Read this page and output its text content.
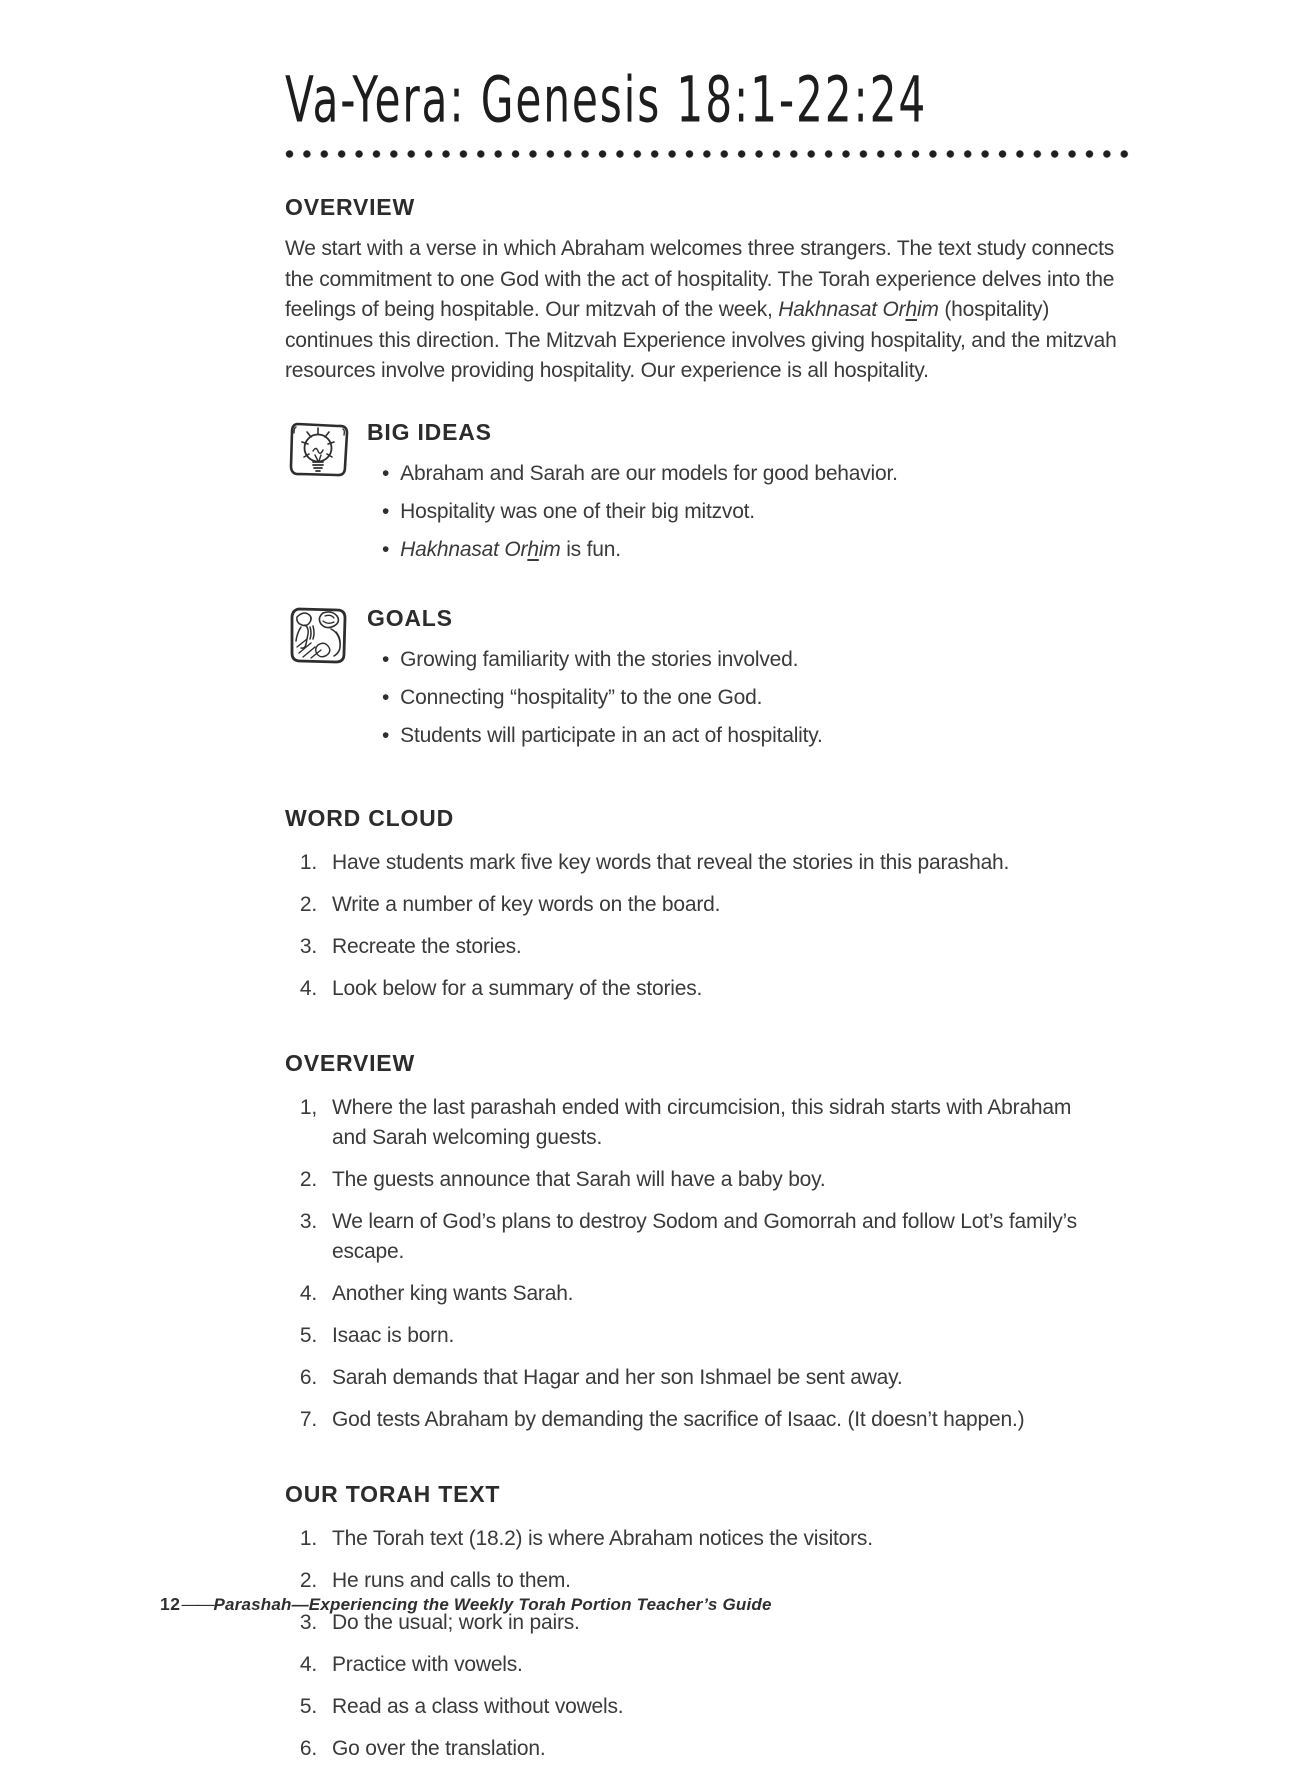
Va-Yera: Genesis 18:1-22:24
OVERVIEW

We start with a verse in which Abraham welcomes three strangers. The text study connects the commitment to one God with the act of hospitality. The Torah experience delves into the feelings of being hospitable. Our mitzvah of the week, Hakhnasat Orhim (hospitality) continues this direction. The Mitzvah Experience involves giving hospitality, and the mitzvah resources involve providing hospitality. Our experience is all hospitality.

BIG IDEAS
• Abraham and Sarah are our models for good behavior.
• Hospitality was one of their big mitzvot.
• Hakhnasat Orhim is fun.
GOALS
• Growing familiarity with the stories involved.
• Connecting “hospitality” to the one God.
• Students will participate in an act of hospitality.
WORD CLOUD
1. Have students mark five key words that reveal the stories in this parashah.
2. Write a number of key words on the board.
3. Recreate the stories.
4. Look below for a summary of the stories.
OVERVIEW
1, Where the last parashah ended with circumcision, this sidrah starts with Abraham and Sarah welcoming guests.
2. The guests announce that Sarah will have a baby boy.
3. We learn of God’s plans to destroy Sodom and Gomorrah and follow Lot’s family’s escape.
4. Another king wants Sarah.
5. Isaac is born.
6. Sarah demands that Hagar and her son Ishmael be sent away.
7. God tests Abraham by demanding the sacrifice of Isaac. (It doesn’t happen.)
OUR TORAH TEXT
1. The Torah text (18.2) is where Abraham notices the visitors.
2. He runs and calls to them.
3. Do the usual; work in pairs.
4. Practice with vowels.
5. Read as a class without vowels.
6. Go over the translation.
12 —— Parashah—Experiencing the Weekly Torah Portion Teacher’s Guide
